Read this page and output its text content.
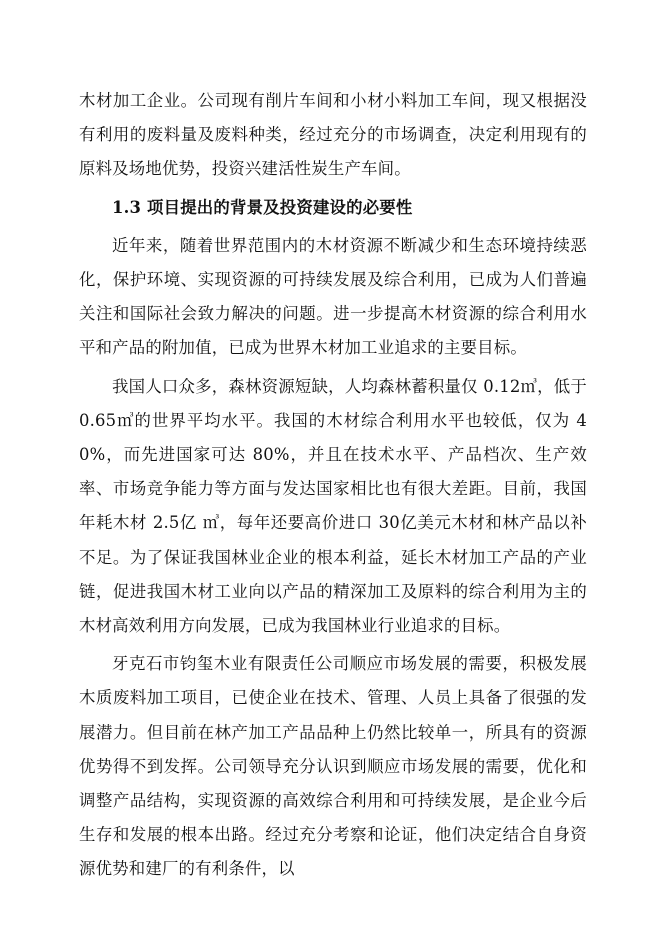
木材加工企业。公司现有削片车间和小材小料加工车间，现又根据没有利用的废料量及废料种类，经过充分的市场调查，决定利用现有的原料及场地优势，投资兴建活性炭生产车间。

1.3 项目提出的背景及投资建设的必要性

近年来，随着世界范围内的木材资源不断减少和生态环境持续恶化，保护环境、实现资源的可持续发展及综合利用，已成为人们普遍关注和国际社会致力解决的问题。进一步提高木材资源的综合利用水平和产品的附加值，已成为世界木材加工业追求的主要目标。

我国人口众多，森林资源短缺，人均森林蓄积量仅 0.12㎥，低于 0.65㎥的世界平均水平。我国的木材综合利用水平也较低，仅为 40%，而先进国家可达 80%，并且在技术水平、产品档次、生产效率、市场竞争能力等方面与发达国家相比也有很大差距。目前，我国年耗木材 2.5亿 ㎥，每年还要高价进口 30亿美元木材和林产品以补不足。为了保证我国林业企业的根本利益，延长木材加工产品的产业链，促进我国木材工业向以产品的精深加工及原料的综合利用为主的木材高效利用方向发展，已成为我国林业行业追求的目标。

牙克石市钧玺木业有限责任公司顺应市场发展的需要，积极发展木质废料加工项目，已使企业在技术、管理、人员上具备了很强的发展潜力。但目前在林产加工产品品种上仍然比较单一，所具有的资源优势得不到发挥。公司领导充分认识到顺应市场发展的需要，优化和调整产品结构，实现资源的高效综合利用和可持续发展，是企业今后生存和发展的根本出路。经过充分考察和论证，他们决定结合自身资源优势和建厂的有利条件，以
